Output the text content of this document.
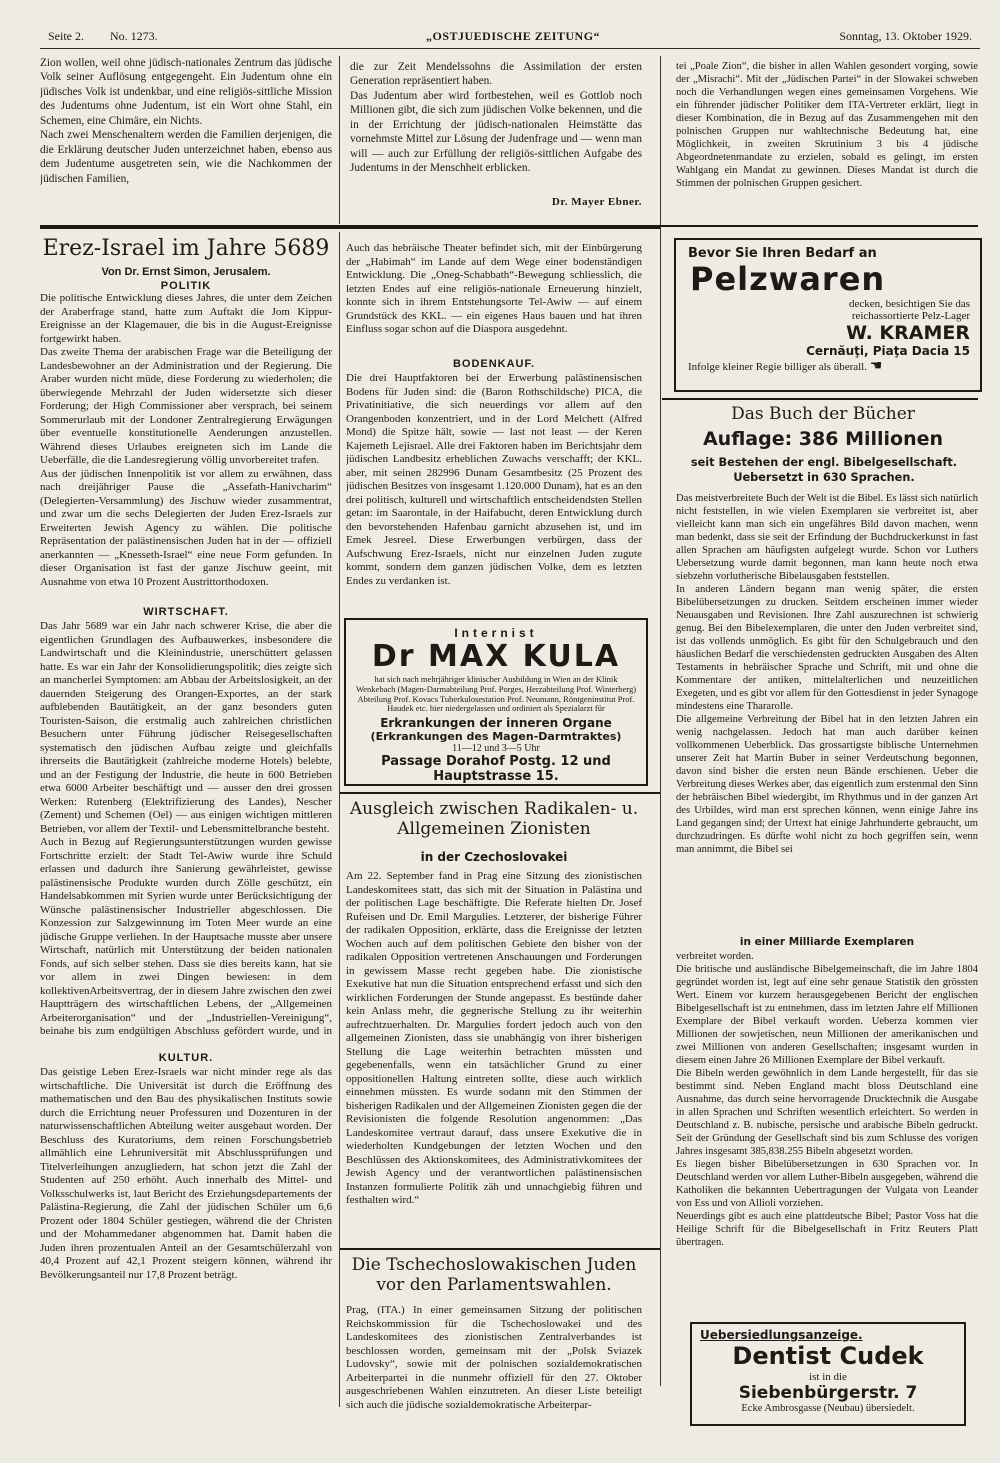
Seite 2. No. 1273.	„OSTJUEDISCHE ZEITUNG“	Sonntag, 13. Oktober 1929.
Zion wollen, weil ohne jüdisch-nationales Zentrum das jüdische Volk seiner Auflösung entgegengeht. Ein Judentum ohne ein jüdisches Volk ist undenkbar, und eine religiös-sittliche Mission des Judentums ohne Judentum, ist ein Wort ohne Stahl, ein Schemen, eine Chimäre, ein Nichts.
Nach zwei Menschenaltern werden die Familien derjenigen, die die Erklärung deutscher Juden unterzeichnet haben, ebenso aus dem Judentume ausgetreten sein, wie die Nachkommen der jüdischen Familien,
die zur Zeit Mendelssohns die Assimilation der ersten Generation repräsentiert haben.
Das Judentum aber wird fortbestehen, weil es Gottlob noch Millionen gibt, die sich zum jüdischen Volke bekennen, und die in der Errichtung der jüdisch-nationalen Heimstätte das vornehmste Mittel zur Lösung der Judenfrage und — wenn man will — auch zur Erfüllung der religiös-sittlichen Aufgabe des Judentums in der Menschheit erblicken.
Dr. Mayer Ebner.
tei „Poale Zion“, die bisher in allen Wahlen gesondert vorging, sowie der „Misrachi“. Mit der „Jüdischen Partei“ in der Slowakei schweben noch die Verhandlungen wegen eines gemeinsamen Vorgehens. Wie ein führender jüdischer Politiker dem ITA-Vertreter erklärt, liegt in dieser Kombination, die in Bezug auf das Zusammengehen mit den polnischen Gruppen nur wahltechnische Bedeutung hat, eine Möglichkeit, in zweiten Skrutinium 3 bis 4 jüdische Abgeordnetenmandate zu erzielen, sobald es gelingt, im ersten Wahlgang ein Mandat zu gewinnen. Dieses Mandat ist durch die Stimmen der polnischen Gruppen gesichert.
Erez-Israel im Jahre 5689
Von Dr. Ernst Simon, Jerusalem.
POLITIK
Die politische Entwicklung dieses Jahres, die unter dem Zeichen der Araberfrage stand, hatte zum Auftakt die Jom Kippur-Ereignisse an der Klagemauer, die bis in die August-Ereignisse fortgewirkt haben.
Das zweite Thema der arabischen Frage war die Beteiligung der Landesbewohner an der Administration und der Regierung. Die Araber wurden nicht müde, diese Forderung zu wiederholen; die überwiegende Mehrzahl der Juden widersetzte sich dieser Forderung; der High Commissioner aber versprach, bei seinem Sommerurlaub mit der Londoner Zentralregierung Erwägungen über eventuelle konstitutionelle Aenderungen anzustellen. Während dieses Urlaubes ereigneten sich im Lande die Ueberfälle, die die Landesregierung völlig unvorbereitet trafen.
Aus der jüdischen Innenpolitik ist vor allem zu erwähnen, dass nach dreijähriger Pause die „Assefath-Hanivcharim“ (Delegierten-Versammlung) des Jischuw wieder zusammentrat, und zwar um die sechs Delegierten der Juden Erez-Israels zur Erweiterten Jewish Agency zu wählen. Die politische Repräsentation der palästinensischen Juden hat in der — offiziell anerkannten — „Knesseth-Israel“ eine neue Form gefunden. In dieser Organisation ist fast der ganze Jischuw geeint, mit Ausnahme von etwa 10 Prozent Austrittorthodoxen.
WIRTSCHAFT.
Das Jahr 5689 war ein Jahr nach schwerer Krise, die aber die eigentlichen Grundlagen des Aufbauwerkes, insbesondere die Landwirtschaft und die Kleinindustrie, unerschüttert gelassen hatte. Es war ein Jahr der Konsolidierungspolitik; dies zeigte sich an mancherlei Symptomen: am Abbau der Arbeitslosigkeit, an der dauernden Steigerung des Orangen-Exportes, an der stark aufblebenden Bautätigkeit, an der ganz besonders guten Touristen-Saison, die erstmalig auch zahlreichen christlichen Besuchern unter Führung jüdischer Reisegesellschaften systematisch den jüdischen Aufbau zeigte und gleichfalls ihrerseits die Bautätigkeit (zahlreiche moderne Hotels) belebte, und an der Festigung der Industrie, die heute in 600 Betrieben etwa 6000 Arbeiter beschäftigt und — ausser den drei grossen Werken: Rutenberg (Elektrifizierung des Landes), Nescher (Zement) und Schemen (Oel) — aus einigen wichtigen mittleren Betrieben, vor allem der Textil- und Lebensmittelbranche besteht.
Auch in Bezug auf Regierungsunterstützungen wurden gewisse Fortschritte erzielt: der Stadt Tel-Awiw wurde ihre Schuld erlassen und dadurch ihre Sanierung gewährleistet, gewisse palästinensische Produkte wurden durch Zölle geschützt, ein Handelsabkommen mit Syrien wurde unter Berücksichtigung der Wünsche palästinensischer Industrieller abgeschlossen. Die Konzession zur Salzgewinnung im Toten Meer wurde an eine jüdische Gruppe verliehen. In der Hauptsache musste aber unsere Wirtschaft, natürlich mit Unterstützung der beiden nationalen Fonds, auf sich selber stehen. Dass sie dies bereits kann, hat sie vor allem in zwei Dingen bewiesen: in dem kollektivenArbeitsvertrag, der in diesem Jahre zwischen den zwei Hauptträgern des wirtschaftlichen Lebens, der „Allgemeinen Arbeiterorganisation“ und der „Industriellen-Vereinigung“, beinahe bis zum endgültigen Abschluss gefördert wurde, und in

KULTUR.
Das geistige Leben Erez-Israels war nicht minder rege als das wirtschaftliche. Die Universität ist durch die Eröffnung des mathematischen und den Bau des physikalischen Instituts sowie durch die Errichtung neuer Professuren und Dozenturen in der naturwissenschaftlichen Abteilung weiter ausgebaut worden. Der Beschluss des Kuratoriums, dem reinen Forschungsbetrieb allmählich eine Lehruniversität mit Abschlussprüfungen und Titelverleihungen anzugliedern, hat schon jetzt die Zahl der Studenten auf 250 erhöht. Auch innerhalb des Mittel- und Volksschulwerks ist, laut Bericht des Erziehungsdepartements der Palästina-Regierung, die Zahl der jüdischen Schüler um 6,6 Prozent oder 1804 Schüler gestiegen, während die der Christen und der Mohammedaner abgenommen hat. Damit haben die Juden ihren prozentualen Anteil an der Gesamtschülerzahl von 40,4 Prozent auf 42,1 Prozent steigern können, während ihr Bevölkerungsanteil nur 17,8 Prozent beträgt.
Auch das hebräische Theater befindet sich, mit der Einbürgerung der „Habimah“ im Lande auf dem Wege einer bodenständigen Entwicklung. Die „Oneg-Schabbath“-Bewegung schliesslich, die letzten Endes auf eine religiös-nationale Erneuerung hinzielt, konnte sich in ihrem Entstehungsorte Tel-Awiw — auf einem Grundstück des KKL. — ein eigenes Haus bauen und hat ihren Einfluss sogar schon auf die Diaspora ausgedehnt.
BODENKAUF.
Die drei Hauptfaktoren bei der Erwerbung palästinensischen Bodens für Juden sind: die (Baron Rothschildsche) PICA, die Privatinitiative, die sich neuerdings vor allem auf den Orangenboden konzentriert, und in der Lord Melchett (Alfred Mond) die Spitze hält, sowie — last not least — der Keren Kajemeth Lejisrael. Alle drei Faktoren haben im Berichtsjahr dem jüdischen Landbesitz erheblichen Zuwachs verschafft; der KKL. aber, mit seinen 282996 Dunam Gesamtbesitz (25 Prozent des jüdischen Besitzes von insgesamt 1.120.000 Dunam), hat es an den drei politisch, kulturell und wirtschaftlich entscheidendsten Stellen getan: im Saarontale, in der Haifabucht, deren Entwicklung durch den bevorstehenden Hafenbau garnicht abzusehen ist, und im Emek Jesreel. Diese Erwerbungen verbürgen, dass der Aufschwung Erez-Israels, nicht nur einzelnen Juden zugute kommt, sondern dem ganzen jüdischen Volke, dem es letzten Endes zu verdanken ist.
Internist
Dr MAX KULA
hat sich nach mehrjähriger klinischer Ausbildung in Wien an der Klinik Wenkebach (Magen-Darmabteilung Prof. Porges, Herzabteilung Prof. Winterberg) Abteilung Prof. Kovacs Tuberkulosestation Prof. Neumann, Röntgeninstitut Prof. Haudek etc. hier niedergelassen und ordiniert als Spezialarzt für
Erkrankungen der inneren Organe
(Erkrankungen des Magen-Darmtraktes)
11—12 und 3—5 Uhr
Passage Dorahof Postg. 12 und Hauptstrasse 15.
Ausgleich zwischen Radikalen- u. Allgemeinen Zionisten
in der Czechoslovakei
Am 22. September fand in Prag eine Sitzung des zionistischen Landeskomitees statt, das sich mit der Situation in Palästina und der politischen Lage beschäftigte. Die Referate hielten Dr. Josef Rufeisen und Dr. Emil Margulies. Letzterer, der bisherige Führer der radikalen Opposition, erklärte, dass die Ereignisse der letzten Wochen auch auf dem politischen Gebiete den bisher von der radikalen Opposition vertretenen Anschauungen und Forderungen in gewissem Masse recht gegeben habe. Die zionistische Exekutive hat nun die Situation entsprechend erfasst und sich den wirklichen Forderungen der Stunde angepasst. Es bestünde daher kein Anlass mehr, die gegnerische Stellung zu ihr weiterhin aufrechtzuerhalten. Dr. Margulies fordert jedoch auch von den allgemeinen Zionisten, dass sie unabhängig von ihrer bisherigen Stellung die Lage weiterhin betrachten müssten und gegebenenfalls, wenn ein tatsächlicher Grund zu einer oppositionellen Haltung eintreten sollte, diese auch wirklich einnehmen müssten. Es wurde sodann mit den Stimmen der bisherigen Radikalen und der Allgemeinen Zionisten gegen die der Revisionisten die folgende Resolution angenommen: „Das Landeskomitee vertraut darauf, dass unsere Exekutive die in wiederholten Kundgebungen der letzten Wochen und den Beschlüssen des Aktionskomitees, des Administrativkomitees der Jewish Agency und der verantwortlichen palästinensischen Instanzen formulierte Politik zäh und unnachgiebig führen und festhalten wird.“
Die Tschechoslowakischen Juden vor den Parlamentswahlen.
Prag, (ITA.) In einer gemeinsamen Sitzung der politischen Reichskommission für die Tschechoslowakei und des Landeskomitees des zionistischen Zentralverbandes ist beschlossen worden, gemeinsam mit der „Polsk Sviazek Ludovsky“, sowie mit der polnischen sozialdemokratischen Arbeiterpartei in die nunmehr offiziell für den 27. Oktober ausgeschriebenen Wahlen einzutreten. An dieser Liste beteiligt sich auch die jüdische sozialdemokratische Arbeiterpar-
Bevor Sie Ihren Bedarf an
Pelzwaren
decken, besichtigen Sie das
reichassortierte Pelz-Lager
W. KRAMER
Cernăuţi, Piaţa Dacia 15
Infolge kleiner Regie billiger als überall. ☚
Das Buch der Bücher
Auflage: 386 Millionen
seit Bestehen der engl. Bibelgesellschaft. Uebersetzt in 630 Sprachen.
Das meistverbreitete Buch der Welt ist die Bibel. Es lässt sich natürlich nicht feststellen, in wie vielen Exemplaren sie verbreitet ist, aber vielleicht kann man sich ein ungefähres Bild davon machen, wenn man bedenkt, dass sie seit der Erfindung der Buchdruckerkunst in fast allen Sprachen am häufigsten aufgelegt wurde. Schon vor Luthers Uebersetzung wurde damit begonnen, man kann heute noch etwa siebzehn vorlutherische Bibelausgaben feststellen.
In anderen Ländern begann man wenig später, die ersten Bibelübersetzungen zu drucken. Seitdem erscheinen immer wieder Neuausgaben und Revisionen. Ihre Zahl auszurechnen ist schwierig genug. Bei den Bibelexemplaren, die unter den Juden verbreitet sind, ist das vollends unmöglich. Es gibt für den Schulgebrauch und den häuslichen Bedarf die verschiedensten gedruckten Ausgaben des Alten Testaments in hebräischer Sprache und Schrift, mit und ohne die Kommentare der antiken, mittelalterlichen und neuzeitlichen Exegeten, und es gibt vor allem für den Gottesdienst in jeder Synagoge mindestens eine Thararolle.
Die allgemeine Verbreitung der Bibel hat in den letzten Jahren ein wenig nachgelassen. Jedoch hat man auch darüber keinen vollkommenen Ueberblick. Das grossartigste biblische Unternehmen unserer Zeit hat Martin Buber in seiner Verdeutschung begonnen, davon sind bisher die ersten neun Bände erschienen. Ueber die Verbreitung dieses Werkes aber, das eigentlich zum erstenmal den Sinn der hebräischen Bibel wiedergibt, im Rhythmus und in der ganzen Art des Urbildes, wird man erst sprechen können, wenn einige Jahre ins Land gegangen sind; der Urtext hat einige Jahrhunderte gebraucht, um durchzudringen. Es dürfte wohl nicht zu hoch gegriffen sein, wenn man annimmt, die Bibel sei
in einer Milliarde Exemplaren
verbreitet worden.
Die britische und ausländische Bibelgemeinschaft, die im Jahre 1804 gegründet worden ist, legt auf eine sehr genaue Statistik den grössten Wert. Einem vor kurzem herausgegebenen Bericht der englischen Bibelgesellschaft ist zu entnehmen, dass im letzten Jahre elf Millionen Exemplare der Bibel verkauft worden. Ueberza kommen vier Millionen der sowjetischen, neun Millionen der amerikanischen und zwei Millionen von anderen Gesellschaften; insgesamt wurden in diesem einen Jahre 26 Millionen Exemplare der Bibel verkauft.
Die Bibeln werden gewöhnlich in dem Lande hergestellt, für das sie bestimmt sind. Neben England macht bloss Deutschland eine Ausnahme, das durch seine hervorragende Drucktechnik die Ausgabe in allen Sprachen und Schriften wesentlich erleichtert. So werden in Deutschland z. B. nubische, persische und arabische Bibeln gedruckt. Seit der Gründung der Gesellschaft sind bis zum Schlusse des vorigen Jahres insgesamt 385,838.255 Bibeln abgesetzt worden.
Es liegen bisher Bibelübersetzungen in 630 Sprachen vor. In Deutschland werden vor allem Luther-Bibeln ausgegeben, während die Katholiken die bekannten Uebertragungen der Vulgata von Leander von Ess und von Allioli vorziehen.
Neuerdings gibt es auch eine plattdeutsche Bibel; Pastor Voss hat die Heilige Schrift für die Bibelgesellschaft in Fritz Reuters Platt übertragen.
Uebersiedlungsanzeige.
Dentist Cudek
ist in die
Siebenbürgerstr. 7
Ecke Ambrosgasse (Neubau) übersiedelt.
